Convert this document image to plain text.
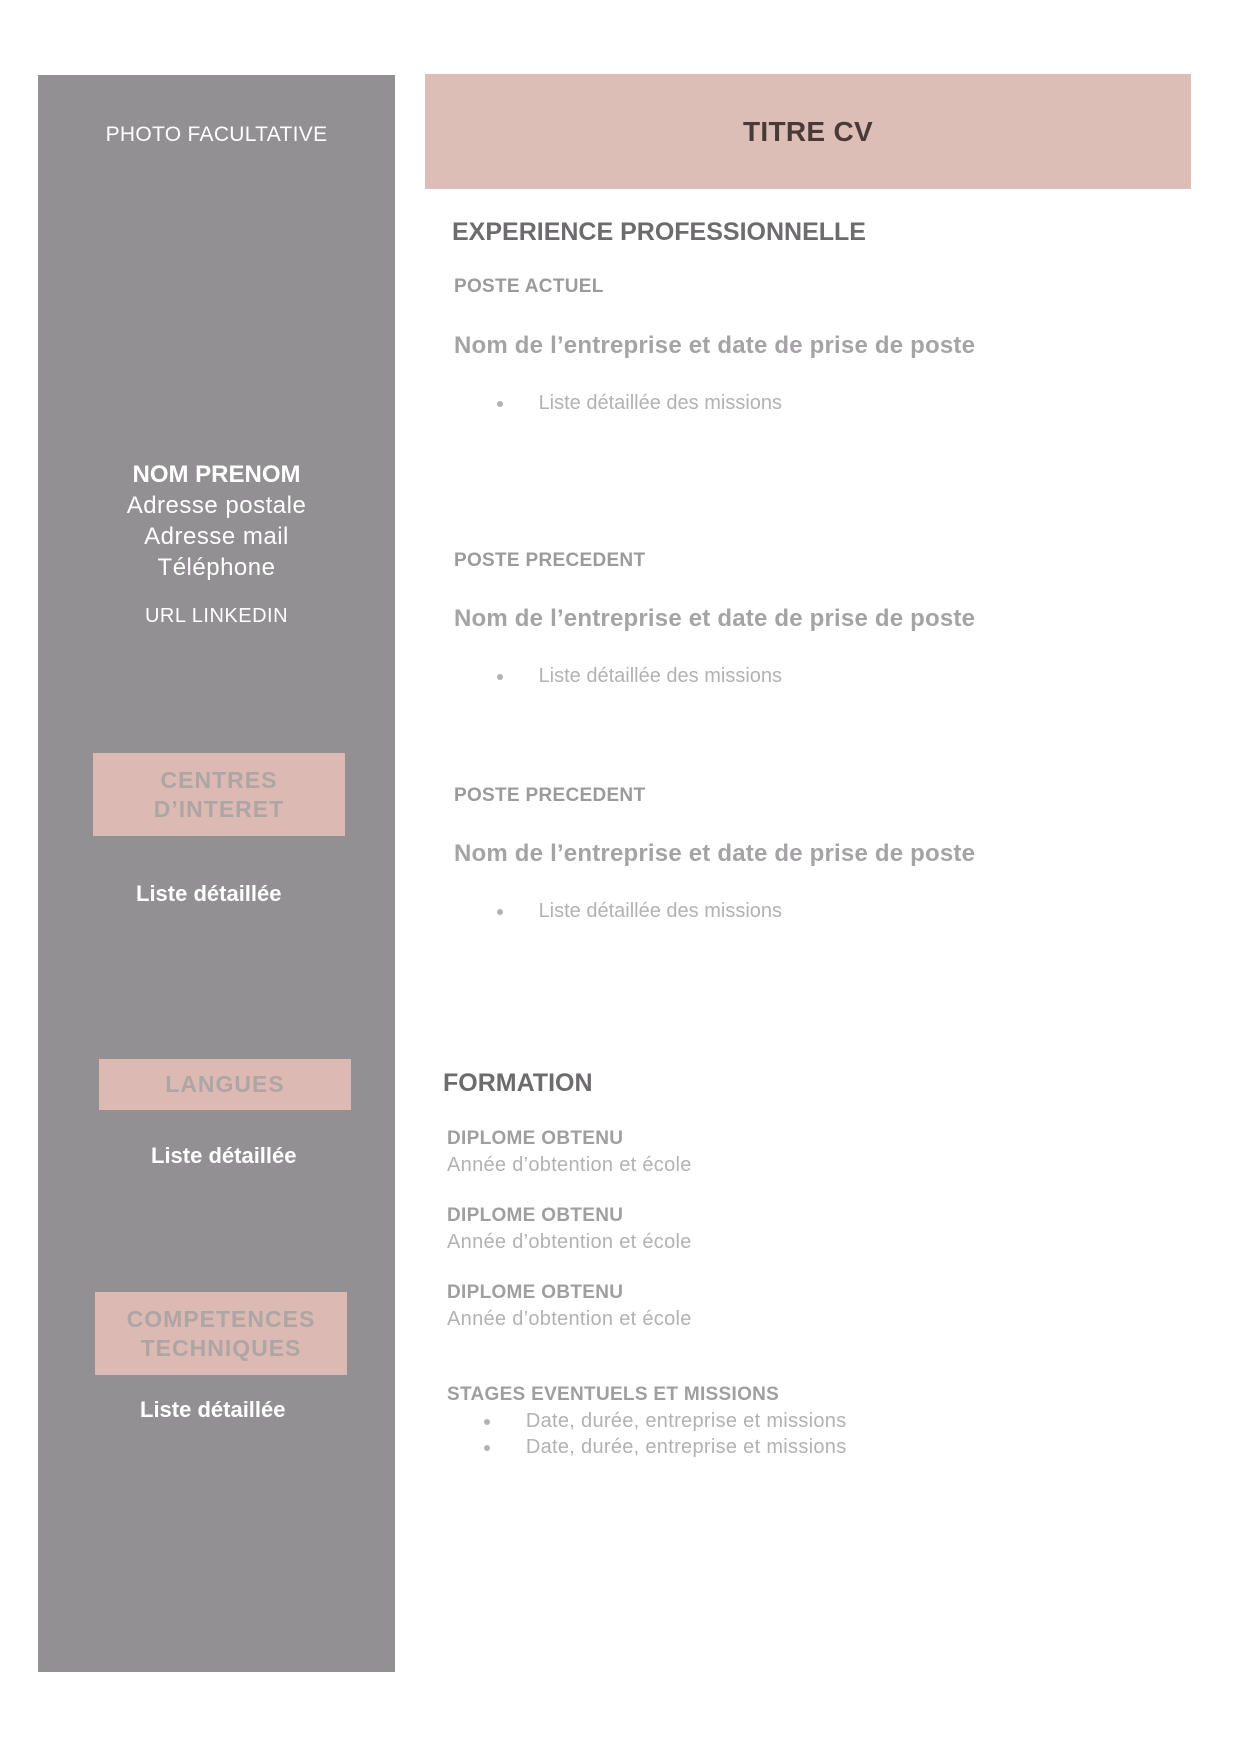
PHOTO FACULTATIVE
NOM PRENOM
Adresse postale
Adresse mail
Téléphone
URL LINKEDIN
CENTRES
D’INTERET
Liste détaillée
LANGUES
Liste détaillée
COMPETENCES
TECHNIQUES
Liste détaillée
TITRE CV
EXPERIENCE PROFESSIONNELLE
POSTE ACTUEL
Nom de l’entreprise et date de prise de poste
Liste détaillée des missions
POSTE PRECEDENT
Nom de l’entreprise et date de prise de poste
Liste détaillée des missions
POSTE PRECEDENT
Nom de l’entreprise et date de prise de poste
Liste détaillée des missions
FORMATION
DIPLOME OBTENU
Année d’obtention et école
DIPLOME OBTENU
Année d’obtention et école
DIPLOME OBTENU
Année d’obtention et école
STAGES EVENTUELS ET MISSIONS
Date, durée, entreprise et missions
Date, durée, entreprise et missions
